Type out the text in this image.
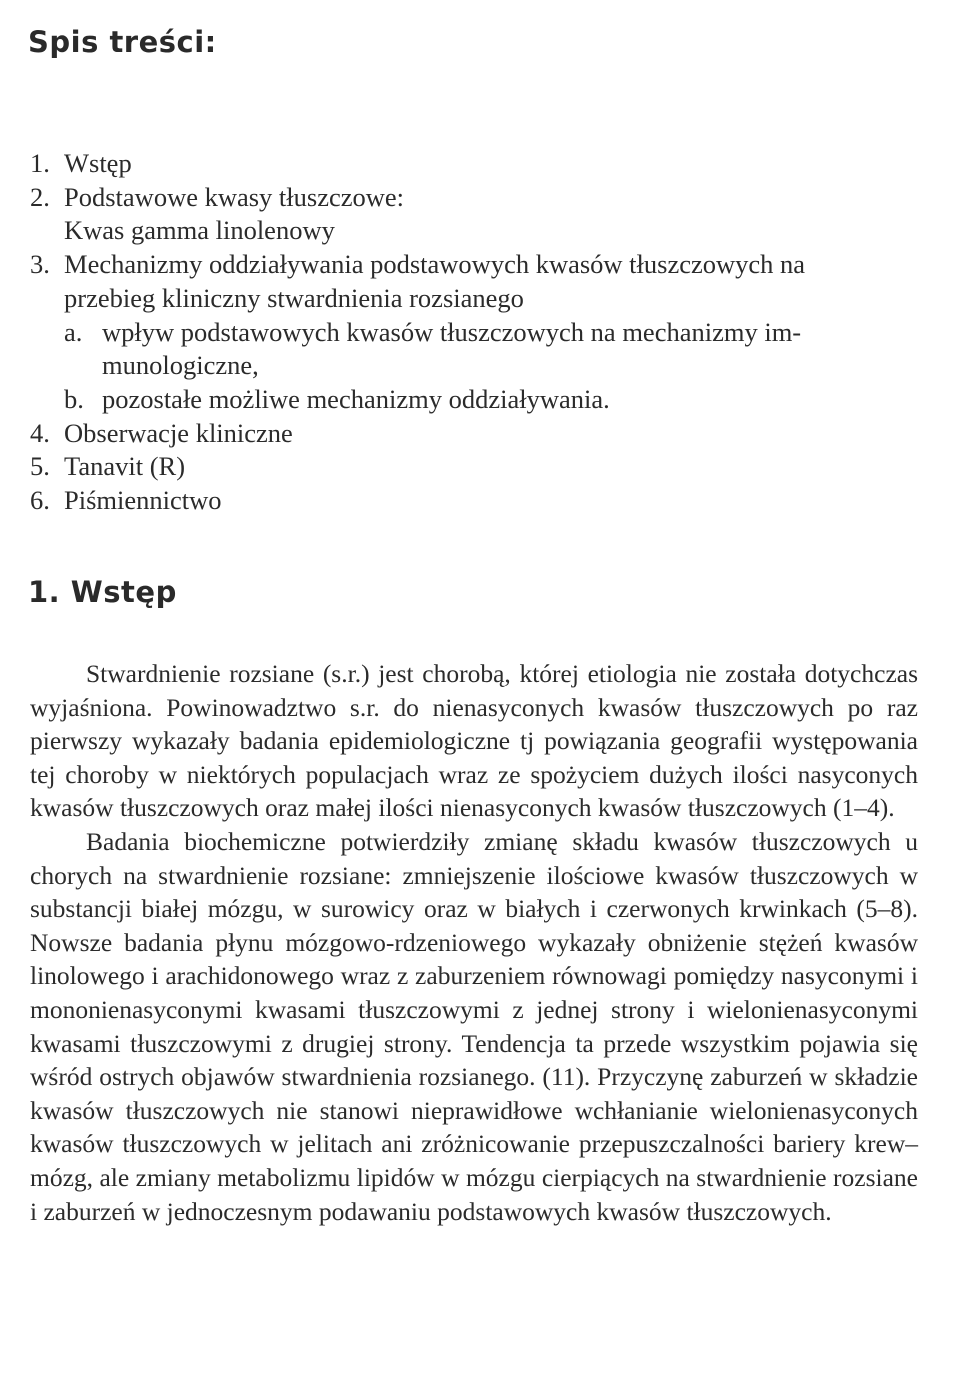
Spis treści:
1. Wstęp
2. Podstawowe kwasy tłuszczowe:
Kwas gamma linolenowy
3. Mechanizmy oddziaływania podstawowych kwasów tłuszczowych na
przebieg kliniczny stwardnienia rozsianego
a. wpływ podstawowych kwasów tłuszczowych na mechanizmy im-
munologiczne,
b. pozostałe możliwe mechanizmy oddziaływania.
4. Obserwacje kliniczne
5. Tanavit (R)
6. Piśmiennictwo
1. Wstęp

Stwardnienie rozsiane (s.r.) jest chorobą, której etiologia nie została dotychczas wyjaśniona. Powinowadztwo s.r. do nienasyconych kwasów tłuszczowych po raz pierwszy wykazały badania epidemiologiczne tj powiązania geografii występowania tej choroby w niektórych populacjach wraz ze spożyciem dużych ilości nasyconych kwasów tłuszczowych oraz małej ilości nienasyconych kwasów tłuszczowych (1–4).

Badania biochemiczne potwierdziły zmianę składu kwasów tłuszczowych u chorych na stwardnienie rozsiane: zmniejszenie ilościowe kwasów tłuszczowych w substancji białej mózgu, w surowicy oraz w białych i czerwonych krwinkach (5–8). Nowsze badania płynu mózgowo-rdzeniowego wykazały obniżenie stężeń kwasów linolowego i arachidonowego wraz z zaburzeniem równowagi pomiędzy nasyconymi i mononienasyconymi kwasami tłuszczowymi z jednej strony i wielonienasyconymi kwasami tłuszczowymi z drugiej strony. Tendencja ta przede wszystkim pojawia się wśród ostrych objawów stwardnienia rozsianego. (11). Przyczynę zaburzeń w składzie kwasów tłuszczowych nie stanowi nieprawidłowe wchłanianie wielonienasyconych kwasów tłuszczowych w jelitach ani zróżnicowanie przepuszczalności bariery krew–mózg, ale zmiany metabolizmu lipidów w mózgu cierpiących na stwardnienie rozsiane i zaburzeń w jednoczesnym podawaniu podstawowych kwasów tłuszczowych.
